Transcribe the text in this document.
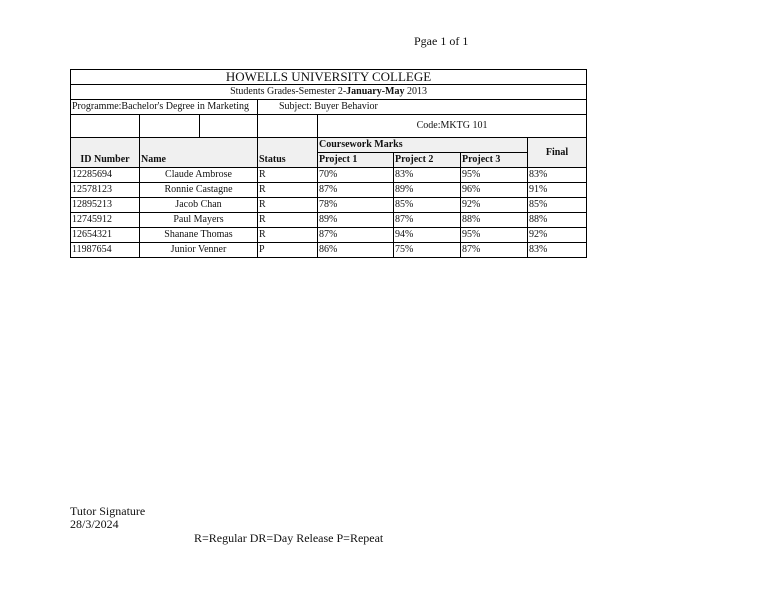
Pgae 1 of 1
HOWELLS UNIVERSITY COLLEGE							
Students Grades-Semester 2-January-May 2013							
Programme:Bachelor's Degree in Marketing			Subject: Buyer Behavior				
				Code:MKTG 101			
				Coursework Marks			Final
ID Number	Name		Status	Project 1	Project 2	Project 3	
12285694	Claude Ambrose		R	70%	83%	95%	83%
12578123	Ronnie Castagne		R	87%	89%	96%	91%
12895213	Jacob Chan		R	78%	85%	92%	85%
12745912	Paul Mayers		R	89%	87%	88%	88%
12654321	Shanane Thomas		R	87%	94%	95%	92%
11987654	Junior Venner		P	86%	75%	87%	83%
Tutor Signature
28/3/2024
R=Regular DR=Day Release P=Repeat
